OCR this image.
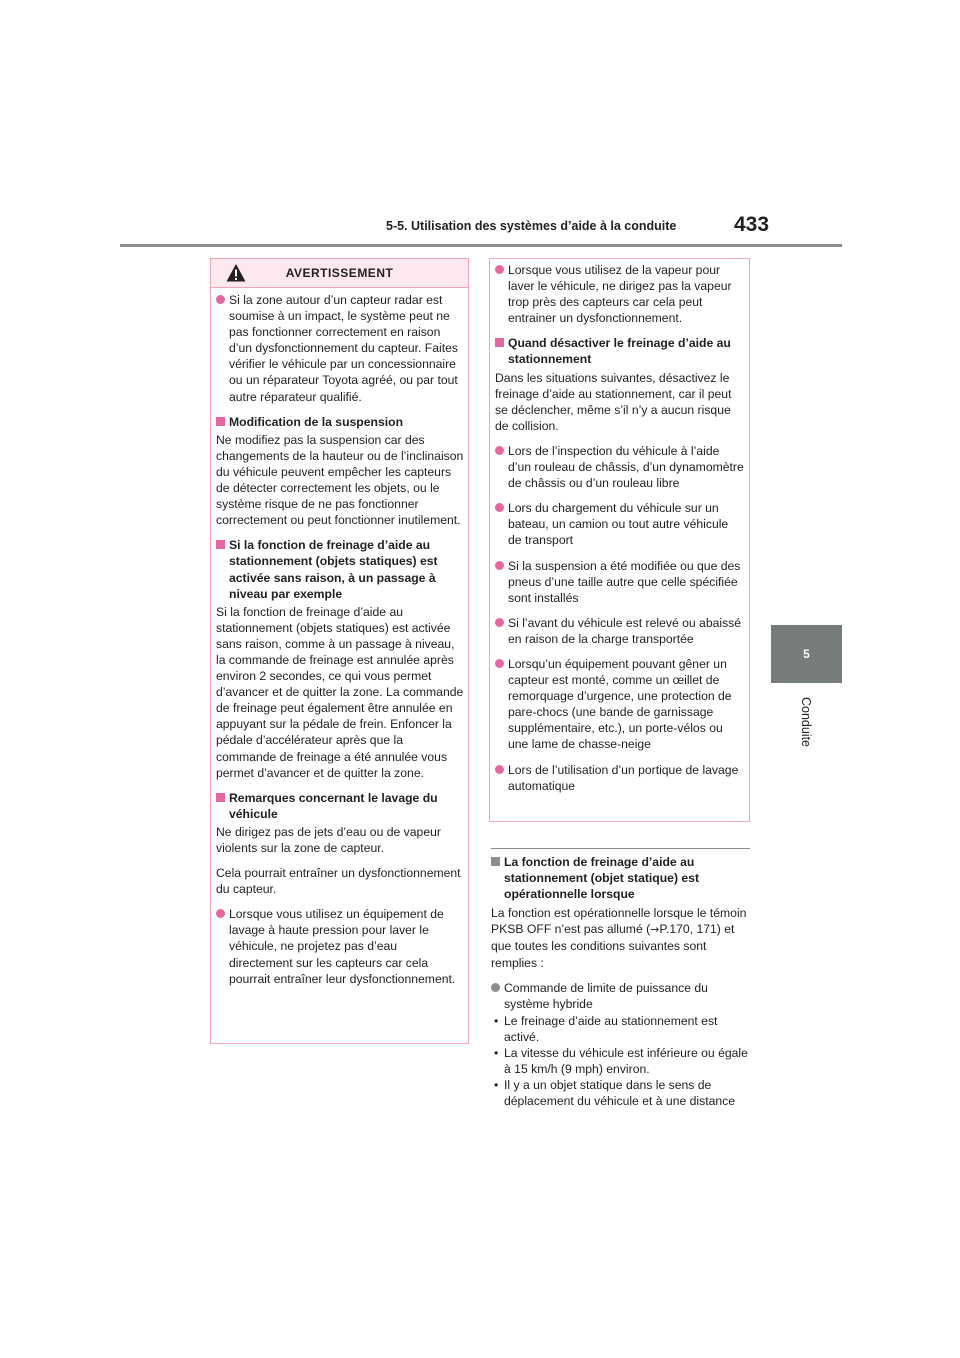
5-5. Utilisation des systèmes d’aide à la conduite	433
5
Conduite
AVERTISSEMENT
Si la zone autour d’un capteur radar est soumise à un impact, le système peut ne pas fonctionner correctement en raison d’un dysfonctionnement du capteur. Faites vérifier le véhicule par un concessionnaire ou un réparateur Toyota agréé, ou par tout autre réparateur qualifié.
Modification de la suspension
Ne modifiez pas la suspension car des changements de la hauteur ou de l’inclinaison du véhicule peuvent empêcher les capteurs de détecter correctement les objets, ou le système risque de ne pas fonctionner correctement ou peut fonctionner inutilement.
Si la fonction de freinage d’aide au stationnement (objets statiques) est activée sans raison, à un passage à niveau par exemple
Si la fonction de freinage d’aide au stationnement (objets statiques) est activée sans raison, comme à un passage à niveau, la commande de freinage est annulée après environ 2 secondes, ce qui vous permet d’avancer et de quitter la zone. La commande de freinage peut également être annulée en appuyant sur la pédale de frein. Enfoncer la pédale d’accélérateur après que la commande de freinage a été annulée vous permet d’avancer et de quitter la zone.
Remarques concernant le lavage du véhicule
Ne dirigez pas de jets d’eau ou de vapeur violents sur la zone de capteur.
Cela pourrait entraîner un dysfonctionnement du capteur.
Lorsque vous utilisez un équipement de lavage à haute pression pour laver le véhicule, ne projetez pas d’eau directement sur les capteurs car cela pourrait entraîner leur dysfonctionnement.
Lorsque vous utilisez de la vapeur pour laver le véhicule, ne dirigez pas la vapeur trop près des capteurs car cela peut entrainer un dysfonctionnement.
Quand désactiver le freinage d’aide au stationnement
Dans les situations suivantes, désactivez le freinage d’aide au stationnement, car il peut se déclencher, même s’il n’y a aucun risque de collision.
Lors de l’inspection du véhicule à l’aide d’un rouleau de châssis, d’un dynamomètre de châssis ou d’un rouleau libre
Lors du chargement du véhicule sur un bateau, un camion ou tout autre véhicule de transport
Si la suspension a été modifiée ou que des pneus d’une taille autre que celle spécifiée sont installés
Si l’avant du véhicule est relevé ou abaissé en raison de la charge transportée
Lorsqu’un équipement pouvant gêner un capteur est monté, comme un œillet de remorquage d’urgence, une protection de pare-chocs (une bande de garnissage supplémentaire, etc.), un porte-vélos ou une lame de chasse-neige
Lors de l’utilisation d’un portique de lavage automatique
La fonction de freinage d’aide au stationnement (objet statique) est opérationnelle lorsque
La fonction est opérationnelle lorsque le témoin PKSB OFF n’est pas allumé (→P.170, 171) et que toutes les conditions suivantes sont remplies :
Commande de limite de puissance du système hybride
• Le freinage d’aide au stationnement est activé.
• La vitesse du véhicule est inférieure ou égale à 15 km/h (9 mph) environ.
• Il y a un objet statique dans le sens de déplacement du véhicule et à une distance
